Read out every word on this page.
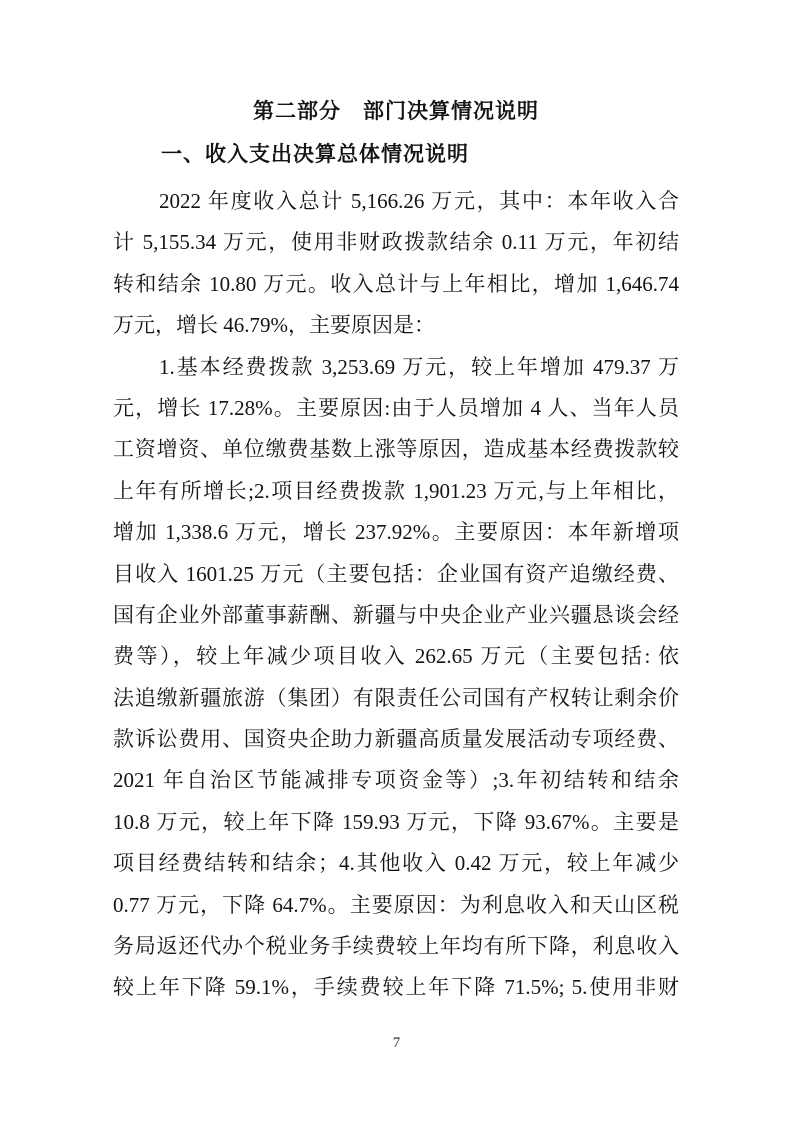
第二部分　部门决算情况说明
一、收入支出决算总体情况说明
2022 年度收入总计 5,166.26 万元，其中：本年收入合
计 5,155.34 万元，使用非财政拨款结余 0.11 万元，年初结
转和结余 10.80 万元。收入总计与上年相比，增加 1,646.74
万元，增长 46.79%，主要原因是：
1.基本经费拨款 3,253.69 万元，较上年增加 479.37 万
元，增长 17.28%。主要原因:由于人员增加 4 人、当年人员
工资增资、单位缴费基数上涨等原因，造成基本经费拨款较
上年有所增长;2.项目经费拨款 1,901.23 万元,与上年相比，
增加 1,338.6 万元，增长 237.92%。主要原因：本年新增项
目收入 1601.25 万元（主要包括：企业国有资产追缴经费、
国有企业外部董事薪酬、新疆与中央企业产业兴疆恳谈会经
费等），较上年减少项目收入 262.65 万元（主要包括: 依
法追缴新疆旅游（集团）有限责任公司国有产权转让剩余价
款诉讼费用、国资央企助力新疆高质量发展活动专项经费、
2021 年自治区节能减排专项资金等）;3.年初结转和结余
10.8 万元，较上年下降 159.93 万元，下降 93.67%。主要是
项目经费结转和结余；4.其他收入 0.42 万元，较上年减少
0.77 万元，下降 64.7%。主要原因：为利息收入和天山区税
务局返还代办个税业务手续费较上年均有所下降，利息收入
较上年下降 59.1%，手续费较上年下降 71.5%; 5.使用非财
7
